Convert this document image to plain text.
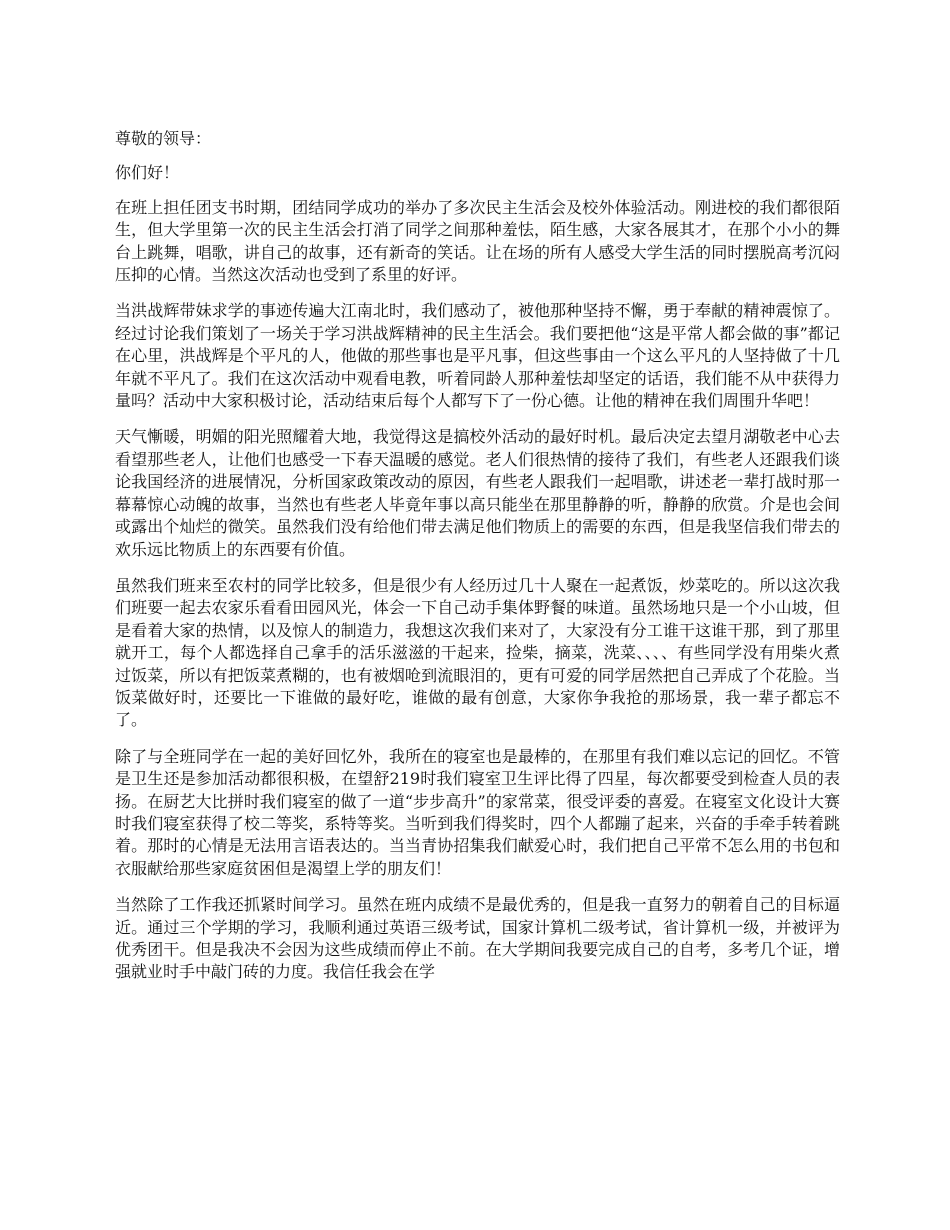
尊敬的领导：

你们好！

在班上担任团支书时期，团结同学成功的举办了多次民主生活会及校外体验活动。刚进校的我们都很陌生，但大学里第一次的民主生活会打消了同学之间那种羞怯，陌生感，大家各展其才，在那个小小的舞台上跳舞，唱歌，讲自己的故事，还有新奇的笑话。让在场的所有人感受大学生活的同时摆脱高考沉闷压抑的心情。当然这次活动也受到了系里的好评。

当洪战辉带妹求学的事迹传遍大江南北时，我们感动了，被他那种坚持不懈，勇于奉献的精神震惊了。经过讨论我们策划了一场关于学习洪战辉精神的民主生活会。我们要把他“这是平常人都会做的事”都记在心里，洪战辉是个平凡的人，他做的那些事也是平凡事，但这些事由一个这么平凡的人坚持做了十几年就不平凡了。我们在这次活动中观看电教，听着同龄人那种羞怯却坚定的话语，我们能不从中获得力量吗？活动中大家积极讨论，活动结束后每个人都写下了一份心德。让他的精神在我们周围升华吧！

天气慚暖，明媚的阳光照耀着大地，我觉得这是搞校外活动的最好时机。最后决定去望月湖敬老中心去看望那些老人，让他们也感受一下春天温暖的感觉。老人们很热情的接待了我们，有些老人还跟我们谈论我国经济的进展情况，分析国家政策改动的原因，有些老人跟我们一起唱歌，讲述老一辈打战时那一幕幕惊心动魄的故事，当然也有些老人毕竟年事以高只能坐在那里静静的听，静静的欣赏。介是也会间或露出个灿烂的微笑。虽然我们没有给他们带去满足他们物质上的需要的东西，但是我坚信我们带去的欢乐远比物质上的东西要有价值。

虽然我们班来至农村的同学比较多，但是很少有人经历过几十人聚在一起煮饭，炒菜吃的。所以这次我们班要一起去农家乐看看田园风光，体会一下自己动手集体野餐的味道。虽然场地只是一个小山坡，但是看着大家的热情，以及惊人的制造力，我想这次我们来对了，大家没有分工谁干这谁干那，到了那里就开工，每个人都选择自己拿手的活乐滋滋的干起来，捡柴，摘菜，洗菜、、、、有些同学没有用柴火煮过饭菜，所以有把饭菜煮糊的，也有被烟呛到流眼泪的，更有可爱的同学居然把自己弄成了个花脸。当饭菜做好时，还要比一下谁做的最好吃，谁做的最有创意，大家你争我抢的那场景，我一辈子都忘不了。

除了与全班同学在一起的美好回忆外，我所在的寝室也是最棒的，在那里有我们难以忘记的回忆。不管是卫生还是参加活动都很积极，在望舒219时我们寝室卫生评比得了四星，每次都要受到检查人员的表扬。在厨艺大比拼时我们寝室的做了一道“步步高升”的家常菜，很受评委的喜爱。在寝室文化设计大赛时我们寝室获得了校二等奖，系特等奖。当听到我们得奖时，四个人都蹦了起来，兴奋的手牵手转着跳着。那时的心情是无法用言语表达的。当当青协招集我们献爱心时，我们把自己平常不怎么用的书包和衣服献给那些家庭贫困但是渴望上学的朋友们！

当然除了工作我还抓紧时间学习。虽然在班内成绩不是最优秀的，但是我一直努力的朝着自己的目标逼近。通过三个学期的学习，我顺利通过英语三级考试，国家计算机二级考试，省计算机一级，并被评为优秀团干。但是我决不会因为这些成绩而停止不前。在大学期间我要完成自己的自考，多考几个证，增强就业时手中敲门砖的力度。我信任我会在学
